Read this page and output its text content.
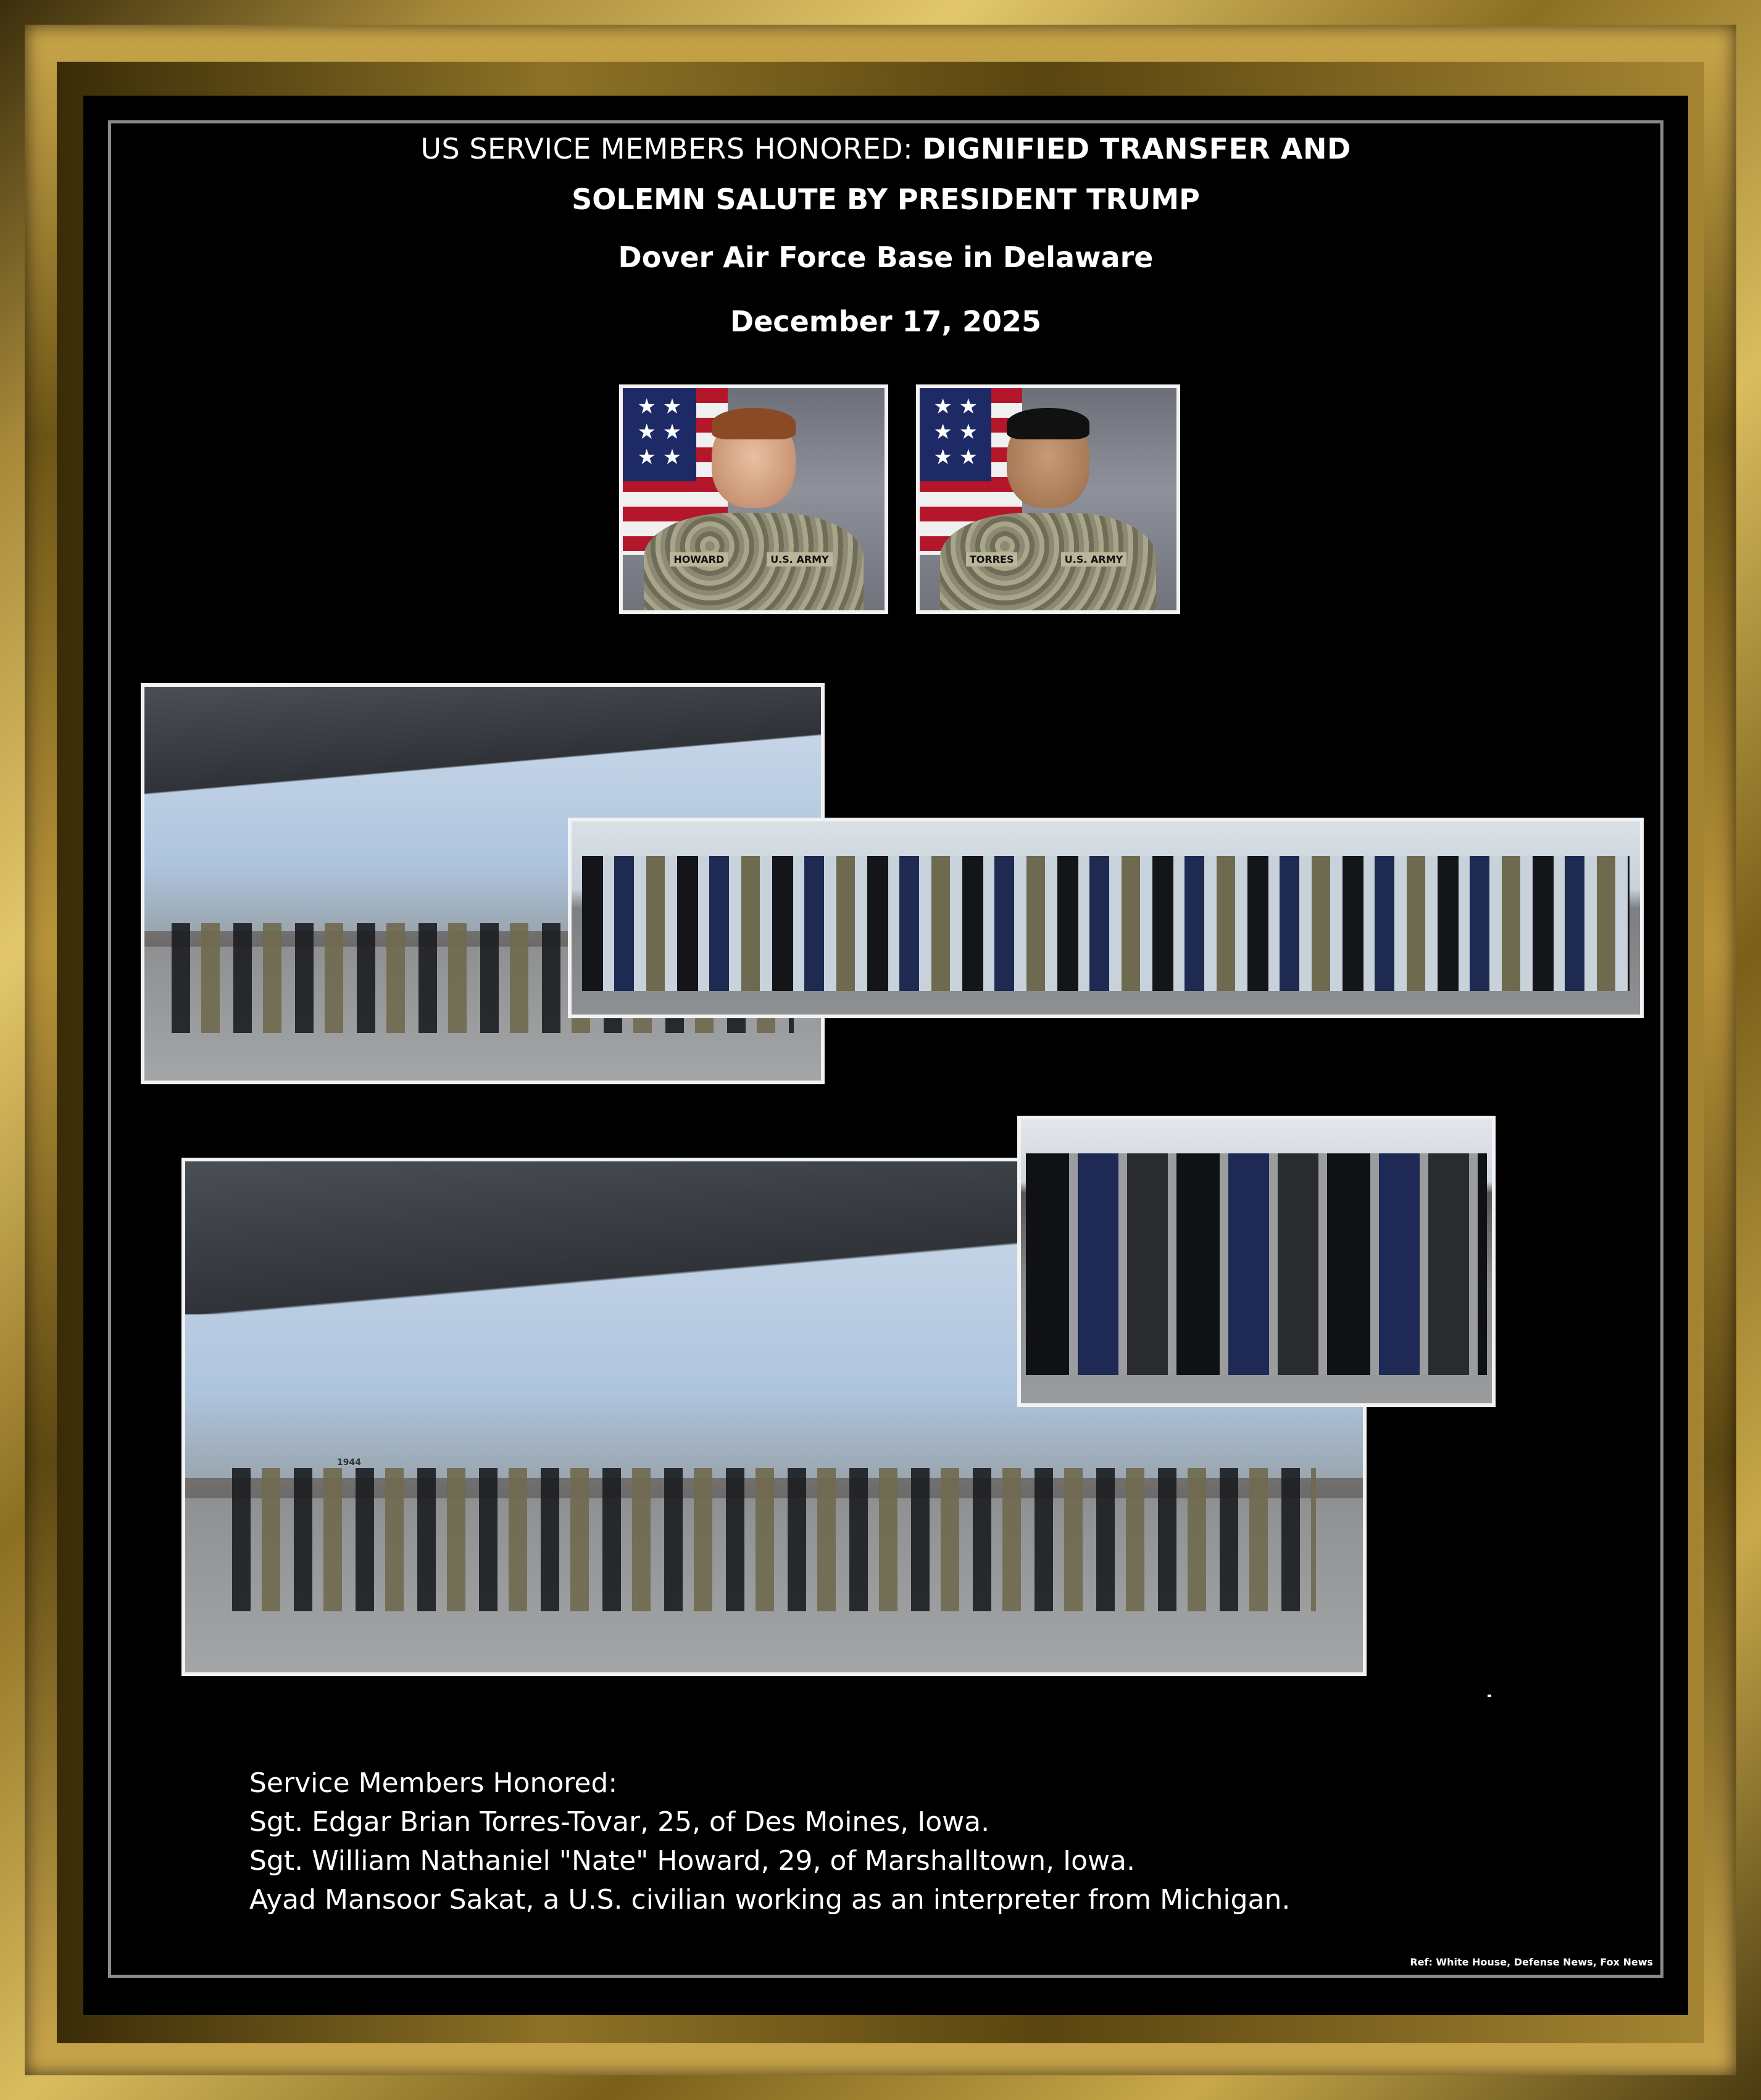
US SERVICE MEMBERS HONORED: DIGNIFIED TRANSFER AND
SOLEMN SALUTE BY PRESIDENT TRUMP
Dover Air Force Base in Delaware
December 17, 2025
★ ★
★ ★
★ ★
HOWARD	U.S. ARMY
★ ★
★ ★
★ ★
TORRES	U.S. ARMY
1944
Service Members Honored:
Sgt. Edgar Brian Torres-Tovar, 25, of Des Moines, Iowa.
Sgt. William Nathaniel "Nate" Howard, 29, of Marshalltown, Iowa.
Ayad Mansoor Sakat, a U.S. civilian working as an interpreter from Michigan.
Ref: White House, Defense News, Fox News
